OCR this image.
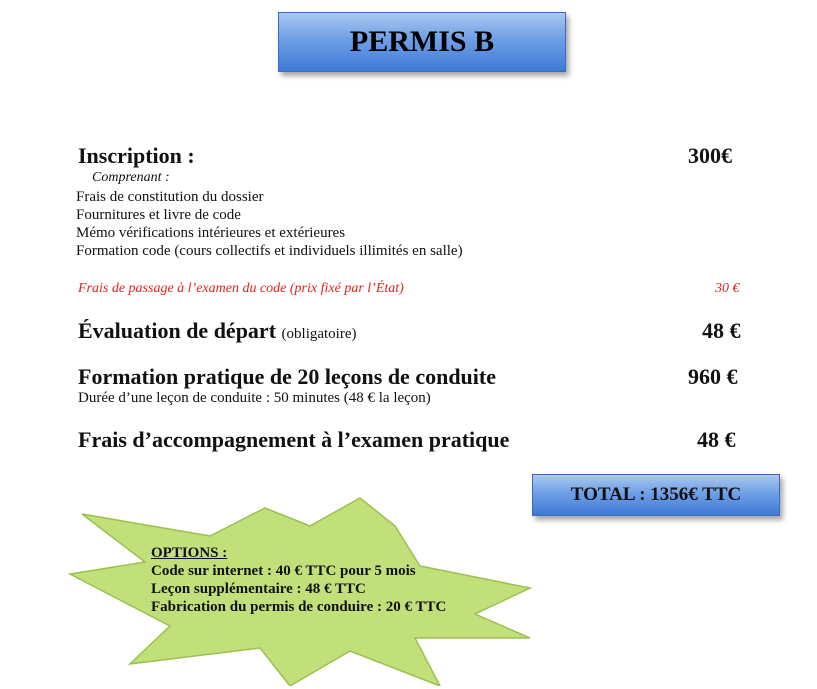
PERMIS B
Inscription :	300€
Comprenant :
Frais de constitution du dossier
Fournitures et livre de code
Mémo vérifications intérieures et extérieures
Formation code (cours collectifs et individuels illimités en salle)
Frais de passage à l’examen du code (prix fixé par l’État)	30 €
Évaluation de départ (obligatoire)	48 €
Formation pratique de 20 leçons de conduite	960 €
Durée d’une leçon de conduite : 50 minutes (48 € la leçon)
Frais d’accompagnement à l’examen pratique	48 €
TOTAL : 1356€ TTC
OPTIONS :
Code sur internet : 40 € TTC pour 5 mois
Leçon supplémentaire : 48 € TTC
Fabrication du permis de conduire : 20 € TTC
